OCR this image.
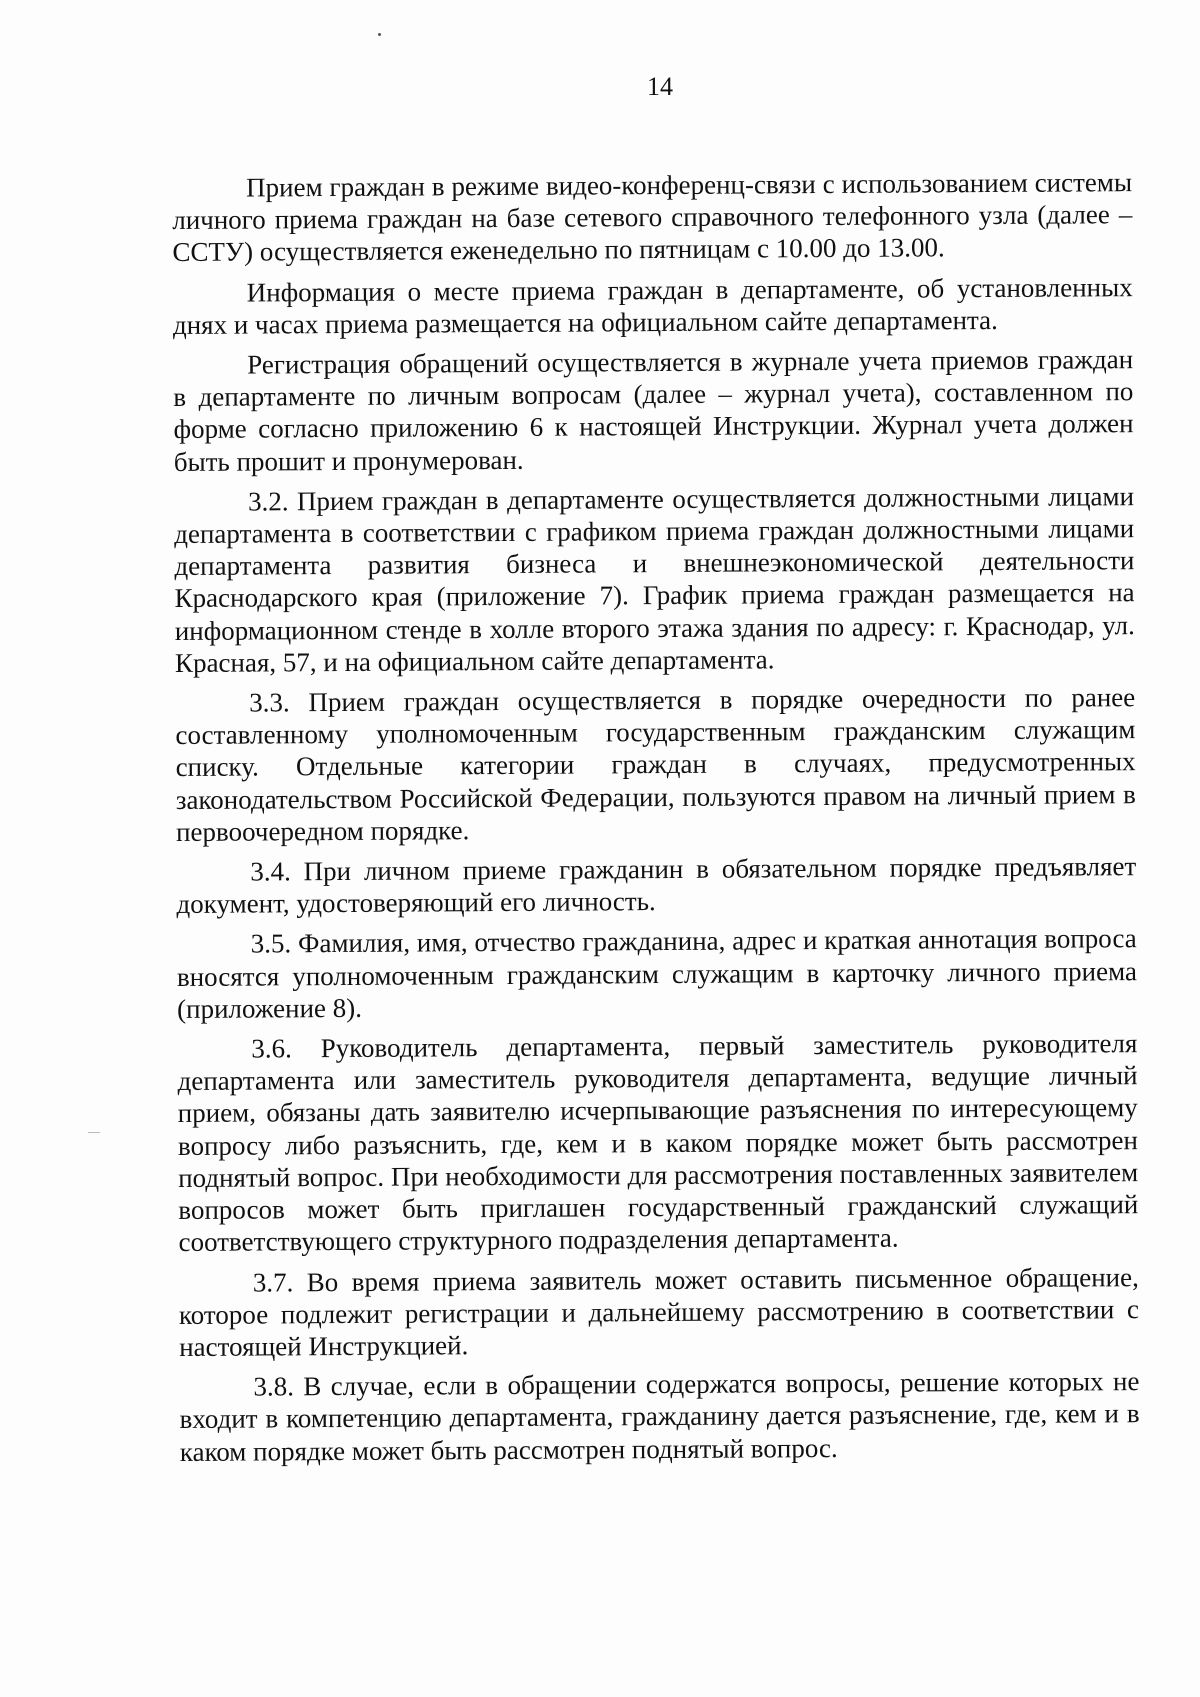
14

Прием граждан в режиме видео-конференц-связи с использованием системы личного приема граждан на базе сетевого справочного телефонного узла (далее – ССТУ) осуществляется еженедельно по пятницам с 10.00 до 13.00.

Информация о месте приема граждан в департаменте, об установленных днях и часах приема размещается на официальном сайте департамента.

Регистрация обращений осуществляется в журнале учета приемов граждан в департаменте по личным вопросам (далее – журнал учета), составленном по форме согласно приложению 6 к настоящей Инструкции. Журнал учета должен быть прошит и пронумерован.

3.2. Прием граждан в департаменте осуществляется должностными лицами департамента в соответствии с графиком приема граждан должностными лицами департамента развития бизнеса и внешнеэкономической деятельности Краснодарского края (приложение 7). График приема граждан размещается на информационном стенде в холле второго этажа здания по адресу: г. Краснодар, ул. Красная, 57, и на официальном сайте департамента.

3.3. Прием граждан осуществляется в порядке очередности по ранее составленному уполномоченным государственным гражданским служащим списку. Отдельные категории граждан в случаях, предусмотренных законодательством Российской Федерации, пользуются правом на личный прием в первоочередном порядке.

3.4. При личном приеме гражданин в обязательном порядке предъявляет документ, удостоверяющий его личность.

3.5. Фамилия, имя, отчество гражданина, адрес и краткая аннотация вопроса вносятся уполномоченным гражданским служащим в карточку личного приема (приложение 8).

3.6. Руководитель департамента, первый заместитель руководителя департамента или заместитель руководителя департамента, ведущие личный прием, обязаны дать заявителю исчерпывающие разъяснения по интересующему вопросу либо разъяснить, где, кем и в каком порядке может быть рассмотрен поднятый вопрос. При необходимости для рассмотрения поставленных заявителем вопросов может быть приглашен государственный гражданский служащий соответствующего структурного подразделения департамента.

3.7. Во время приема заявитель может оставить письменное обращение, которое подлежит регистрации и дальнейшему рассмотрению в соответствии с настоящей Инструкцией.

3.8. В случае, если в обращении содержатся вопросы, решение которых не входит в компетенцию департамента, гражданину дается разъяснение, где, кем и в каком порядке может быть рассмотрен поднятый вопрос.
